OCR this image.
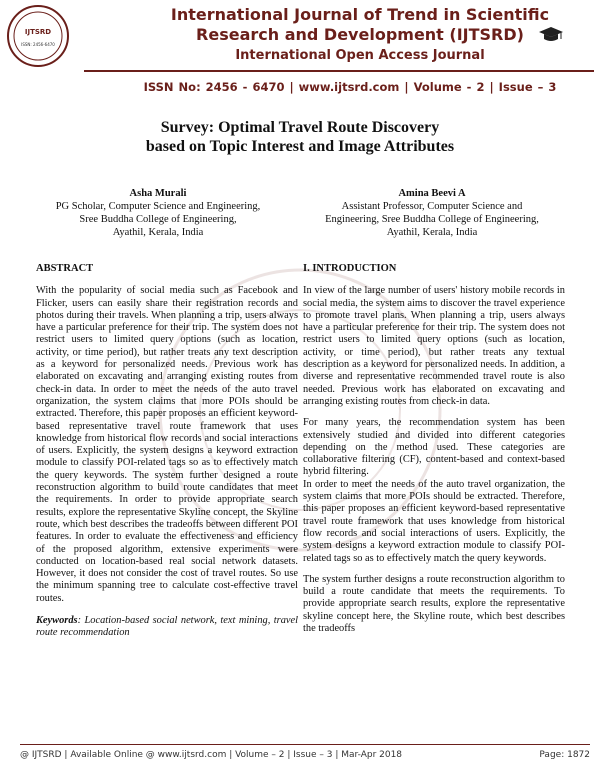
IJTSRD
ISSN: 2456-6470
International Journal of Trend in Scientific
Research and Development (IJTSRD)
International Open Access Journal
ISSN No: 2456 - 6470 | www.ijtsrd.com | Volume - 2 | Issue – 3
Survey: Optimal Travel Route Discovery
based on Topic Interest and Image Attributes
Asha Murali
PG Scholar, Computer Science and Engineering,
Sree Buddha College of Engineering,
Ayathil, Kerala, India
Amina Beevi A
Assistant Professor, Computer Science and
Engineering, Sree Buddha College of Engineering,
Ayathil, Kerala, India
ABSTRACT

With the popularity of social media such as Facebook and Flicker, users can easily share their registration records and photos during their travels. When planning a trip, users always have a particular preference for their trip. The system does not restrict users to limited query options (such as location, activity, or time period), but rather treats any text description as a keyword for personalized needs. Previous work has elaborated on excavating and arranging existing routes from check-in data. In order to meet the needs of the auto travel organization, the system claims that more POIs should be extracted. Therefore, this paper proposes an efficient keyword-based representative travel route framework that uses knowledge from historical flow records and social interactions of users. Explicitly, the system designs a keyword extraction module to classify POI-related tags so as to effectively match the query keywords. The system further designed a route reconstruction algorithm to build route candidates that meet the requirements. In order to provide appropriate search results, explore the representative Skyline concept, the Skyline route, which best describes the tradeoffs between different POI features. In order to evaluate the effectiveness and efficiency of the proposed algorithm, extensive experiments were conducted on location-based real social network datasets. However, it does not consider the cost of travel routes. So use the minimum spanning tree to calculate cost-effective travel routes.

Keywords: Location-based social network, text mining, travel route recommendation
I. INTRODUCTION

In view of the large number of users' history mobile records in social media, the system aims to discover the travel experience to promote travel plans. When planning a trip, users always have a particular preference for their trip. The system does not restrict users to limited query options (such as location, activity, or time period), but rather treats any textual description as a keyword for personalized needs. In addition, a diverse and representative recommended travel route is also needed. Previous work has elaborated on excavating and arranging existing routes from check-in data.

For many years, the recommendation system has been extensively studied and divided into different categories depending on the method used. These categories are collaborative filtering (CF), content-based and context-based hybrid filtering.

In order to meet the needs of the auto travel organization, the system claims that more POIs should be extracted. Therefore, this paper proposes an efficient keyword-based representative travel route framework that uses knowledge from historical flow records and social interactions of users. Explicitly, the system designs a keyword extraction module to classify POI-related tags so as to effectively match the query keywords.

The system further designs a route reconstruction algorithm to build a route candidate that meets the requirements. To provide appropriate search results, explore the representative skyline concept here, the Skyline route, which best describes the tradeoffs

@ IJTSRD | Available Online @ www.ijtsrd.com | Volume – 2 | Issue – 3 | Mar-Apr 2018	Page: 1872
